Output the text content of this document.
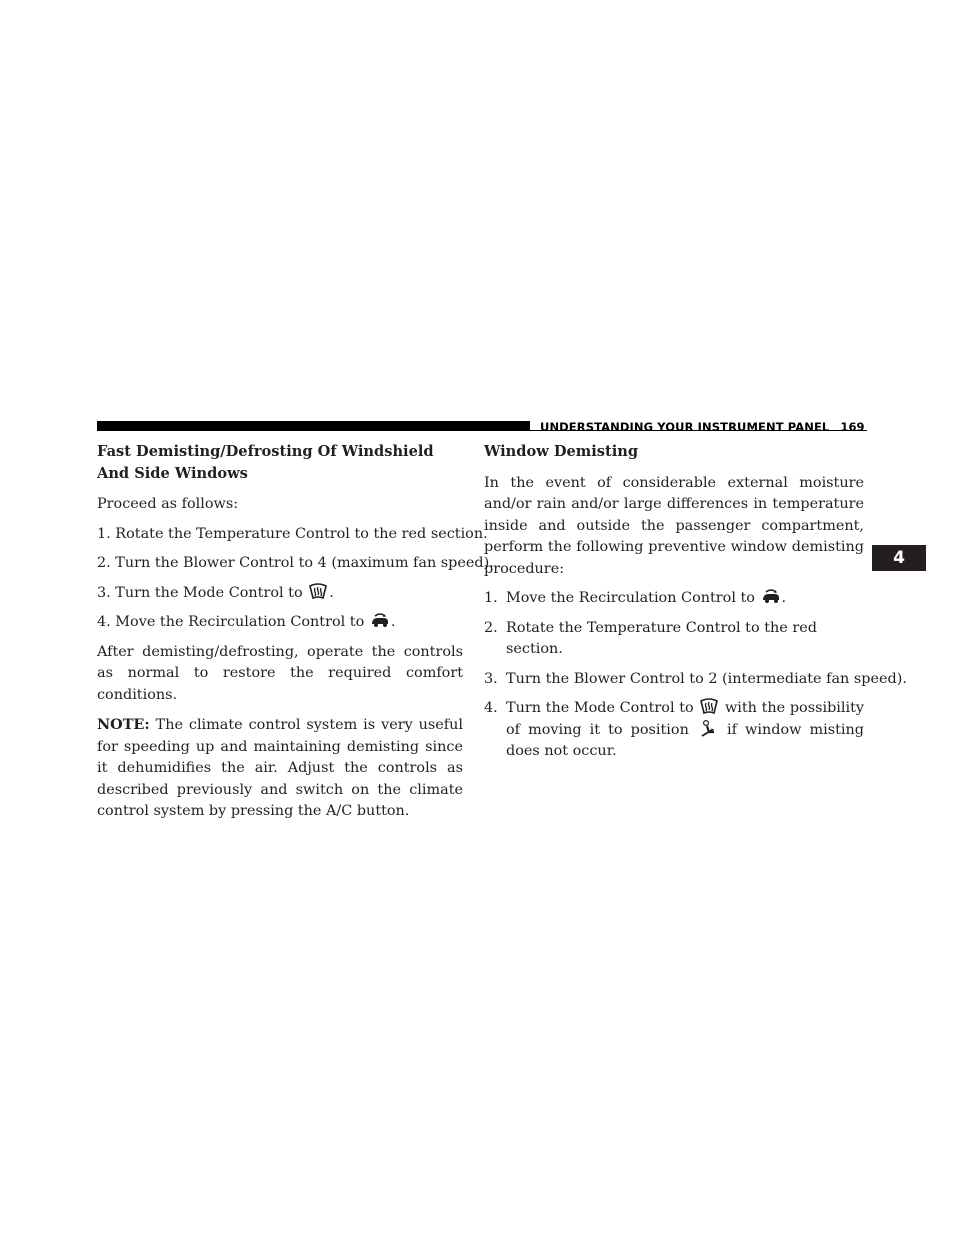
UNDERSTANDING YOUR INSTRUMENT PANEL 169
4
Fast Demisting/Defrosting Of Windshield And Side Windows

Proceed as follows:

1. Rotate the Temperature Control to the red section.

2. Turn the Blower Control to 4 (maximum fan speed).

3. Turn the Mode Control to .

4. Move the Recirculation Control to .

After demisting/defrosting, operate the controls as normal to restore the required comfort conditions.

NOTE: The climate control system is very useful for speeding up and maintaining demisting since it dehumidifies the air. Adjust the controls as described previously and switch on the climate control system by pressing the A/C button.

Window Demisting

In the event of considerable external moisture and/or rain and/or large differences in temperature inside and outside the passenger compartment, perform the following preventive window demisting procedure:

1. Move the Recirculation Control to .
2. Rotate the Temperature Control to the red section.
3. Turn the Blower Control to 2 (intermediate fan speed).
4. Turn the Mode Control to with the possibility of moving it to position	if window misting does not occur.
